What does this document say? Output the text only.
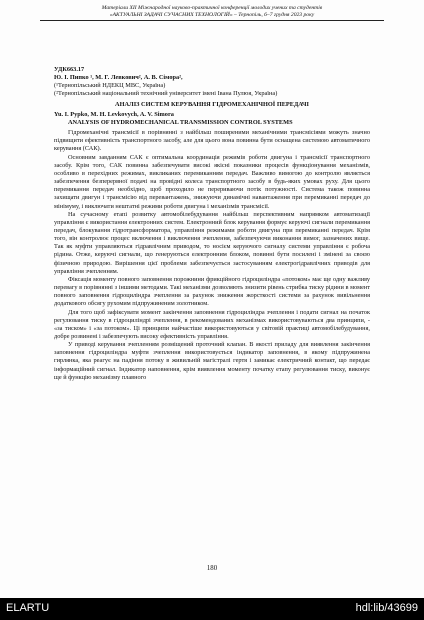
Матеріали XII Міжнародної науково-практичної конференції молодих учених та студентів
«АКТУАЛЬНІ ЗАДАЧІ СУЧАСНИХ ТЕХНОЛОГІЙ» – Тернопіль, 6–7 грудня 2023 року

УДК663.17

Ю. І. Пипко ¹, М. Г. Левкович², А. В. Сімора²,

(¹Тернопільський НДЕКЦ МВС, Україна)

(²Тернопільський національний технічний університет імені Івана Пулюя, Україна)

АНАЛІЗ СИСТЕМ КЕРУВАННЯ ГІДРОМЕХАНІЧНОЇ ПЕРЕДАЧІ

Yu. I. Pypko, M. H. Levkovych, A. V. Simora

ANALYSIS OF HYDROMECHANICAL TRANSMISSION CONTROL SYSTEMS

Гідромеханічні трансмісії в порівнянні з найбільш поширеними механічними трансмісіями можуть значно підвищити ефективність транспортного засобу, але для цього вона повинна бути оснащена системою автоматичного керування (САК).

Основним завданням САК є оптимальна координація режимів роботи двигуна і трансмісії транспортного засобу. Крім того, САК повинна забезпечувати високі якісні показники процесів функціонування механізмів, особливо в перехідних режимах, викликаних перемиканням передач. Важливо вимогою до контролю являється забезпечення безперервної подачі на провідні колеса транспортного засобу в будь-яких умовах руху. Для цього перемикання передач необхідно, щоб проходило не перериваючи потік потужності. Система також повинна захищати двигун і трансмісію від перевантажень, знижуючи динамічні навантаження при перемиканні передач до мінімуму, і виключати нештатні режими роботи двигуна і механізмів трансмісії.

На сучасному етапі розвитку автомобілебудування найбільш перспективним напрямком автоматизації управління є використання електронних систем. Електронний блок керування формує керуючі сигнали перемикання передач, блокування гідротрансформатора, управління режимами роботи двигуна при перемиканні передач. Крім того, він контролює процес включення і виключення зчеплення, забезпечуючи виконання вимог, зазначених вище. Так як муфти управляються гідравлічним приводом, то носієм керуючого сигналу системи управління є робоча рідина. Отже, керуючі сигнали, що генеруються електронним блоком, повинні бути посилені і змінені за своєю фізичною природою. Вирішення цієї проблеми забезпечується застосуванням електрогідравлічних приводів для управління зчепленням.

Фіксація моменту повного заповнення порожнини фрикційного гідроциліндра «потоком» має ще одну важливу перевагу в порівнянні з іншими методами. Такі механізми дозволяють знизити рівень стрибка тиску рідини в момент повного заповнення гідроциліндра зчеплення за рахунок зниження жорсткості системи за рахунок вивільнення додаткового обсягу рухомим підпружиненим золотником.

Для того щоб зафіксувати момент закінчення заповнення гідроциліндра зчеплення і подати сигнал на початок регулювання тиску в гідроциліндрі зчеплення, в рекомендованих механізмах використовуваються два принципи, - «за тиском» і «за потоком». Ці принципи найчастіше використовуються у світовій практиці автомобілебудування, добре розвинені і забезпечують високу ефективність управління.

У приводі керування зчепленням розміщений проточний клапан. В якості приладу для виявлення закінчення заповнення гідроциліндра муфти зчеплення використовується індикатор заповнення, в якому підпружинена гирлянка, яка реагує на падіння потоку в живильній магістралі гертя і замикає електричний контакт, що передає інформаційний сигнал. Індикатор наповнення, крім виявлення моменту початку етапу регулювання тиску, виконує ще й функцію механізму плавного

180
ELARTU	hdl:lib/43699
